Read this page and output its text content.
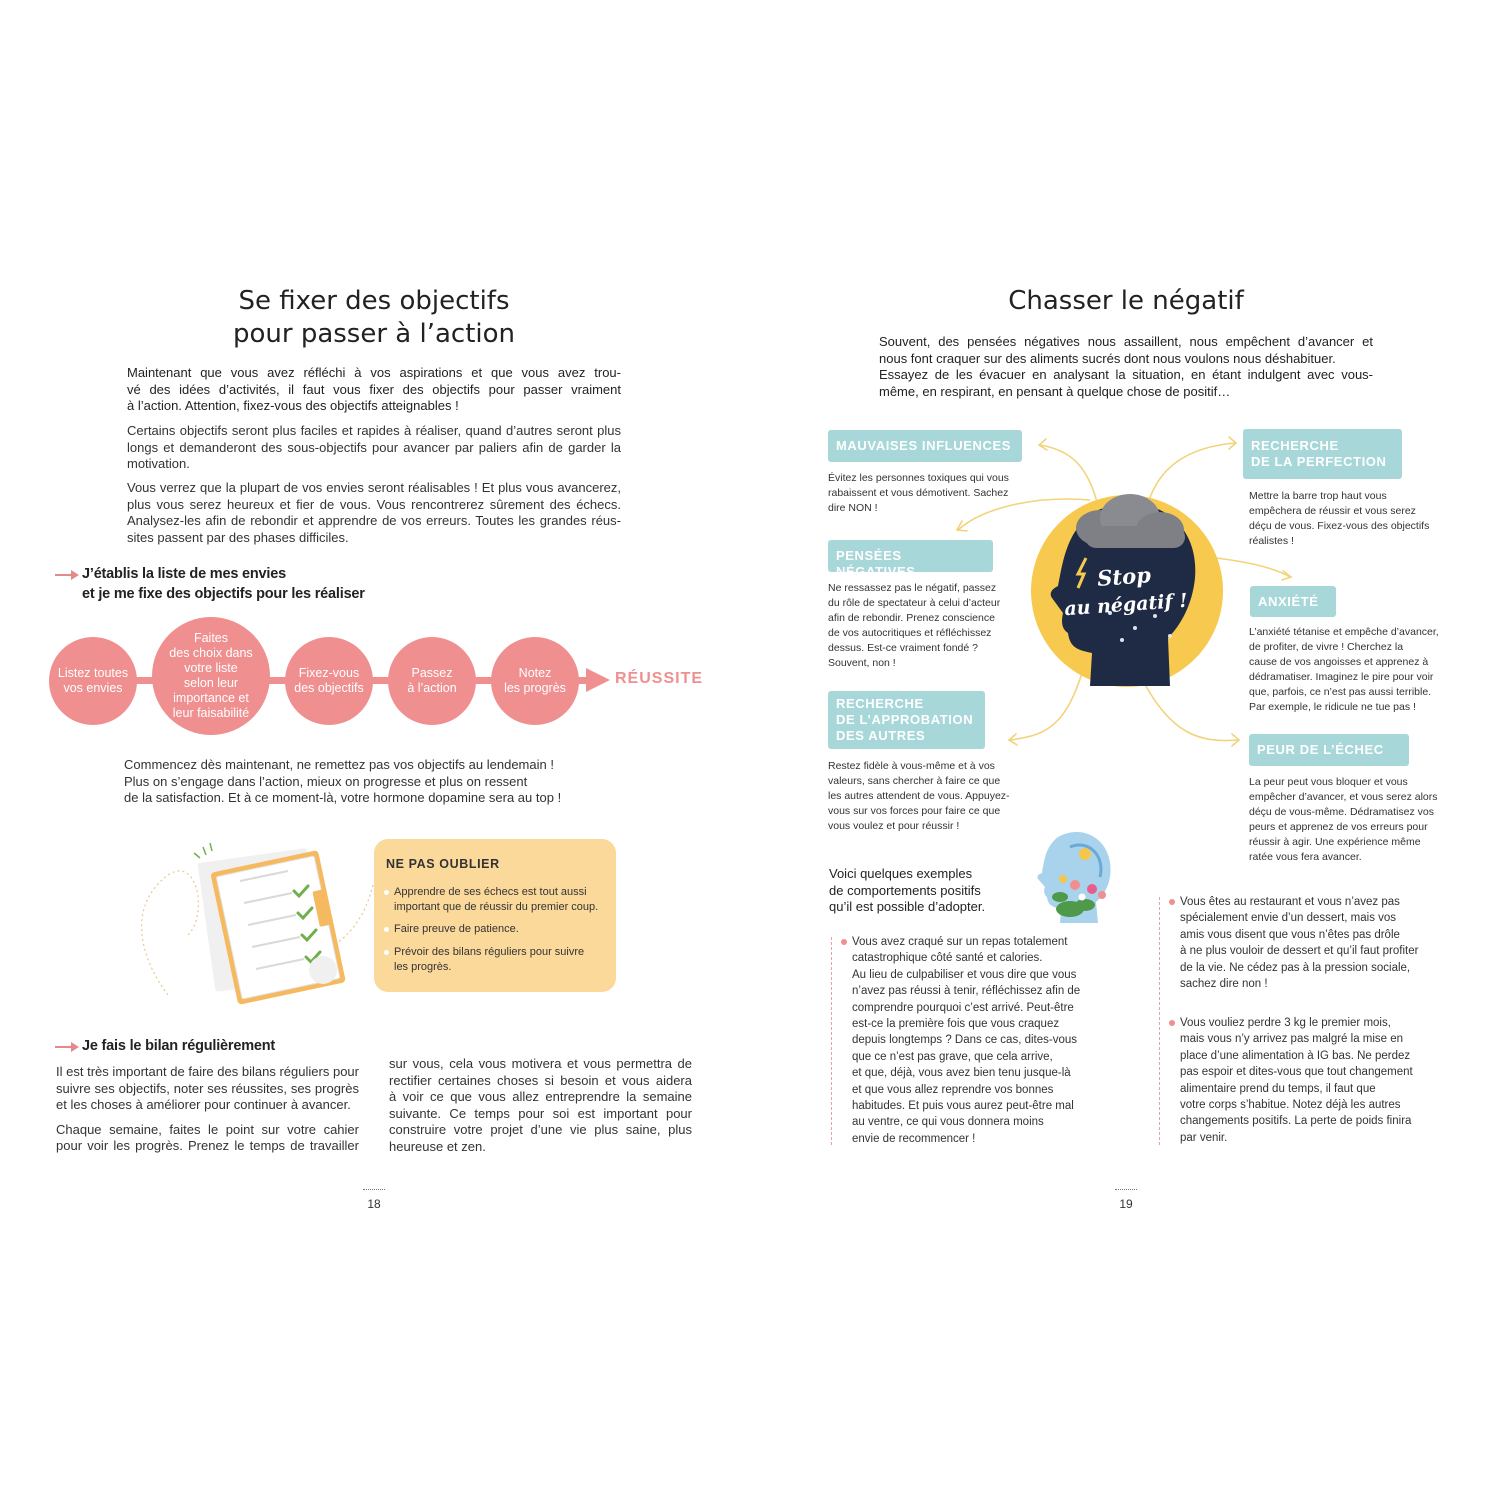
Se fixer des objectifs
pour passer à l’action
Maintenant que vous avez réfléchi à vos aspirations et que vous avez trou-
vé des idées d’activités, il faut vous fixer des objectifs pour passer vraiment
à l’action. Attention, fixez-vous des objectifs atteignables !
Certains objectifs seront plus faciles et rapides à réaliser, quand d’autres seront plus
longs et demanderont des sous-objectifs pour avancer par paliers afin de garder la
motivation.
Vous verrez que la plupart de vos envies seront réalisables ! Et plus vous avancerez,
plus vous serez heureux et fier de vous. Vous rencontrerez sûrement des échecs.
Analysez-les afin de rebondir et apprendre de vos erreurs. Toutes les grandes réus-
sites passent par des phases difficiles.
J’établis la liste de mes envies
et je me fixe des objectifs pour les réaliser
Listez toutes
vos envies
Faites
des choix dans
votre liste
selon leur
importance et
leur faisabilité
Fixez-vous
des objectifs
Passez
à l’action
Notez
les progrès
RÉUSSITE
Commencez dès maintenant, ne remettez pas vos objectifs au lendemain !
Plus on s’engage dans l’action, mieux on progresse et plus on ressent
de la satisfaction. Et à ce moment-là, votre hormone dopamine sera au top !
NE PAS OUBLIER
Apprendre de ses échecs est tout aussi
important que de réussir du premier coup.
Faire preuve de patience.
Prévoir des bilans réguliers pour suivre
les progrès.
Je fais le bilan régulièrement
Il est très important de faire des bilans réguliers pour
suivre ses objectifs, noter ses réussites, ses progrès
et les choses à améliorer pour continuer à avancer.
Chaque semaine, faites le point sur votre cahier
pour voir les progrès. Prenez le temps de travailler
sur vous, cela vous motivera et vous permettra de
rectifier certaines choses si besoin et vous aidera
à voir ce que vous allez entreprendre la semaine
suivante. Ce temps pour soi est important pour
construire votre projet d’une vie plus saine, plus
heureuse et zen.
18
Chasser le négatif
Souvent, des pensées négatives nous assaillent, nous empêchent d’avancer et
nous font craquer sur des aliments sucrés dont nous voulons nous déshabituer.
Essayez de les évacuer en analysant la situation, en étant indulgent avec vous-
même, en respirant, en pensant à quelque chose de positif…
Stop
au négatif !
MAUVAISES INFLUENCES
Évitez les personnes toxiques qui vous
rabaissent et vous démotivent. Sachez
dire NON !
PENSÉES NÉGATIVES
Ne ressassez pas le négatif, passez
du rôle de spectateur à celui d’acteur
afin de rebondir. Prenez conscience
de vos autocritiques et réfléchissez
dessus. Est-ce vraiment fondé ?
Souvent, non !
RECHERCHE
DE L’APPROBATION
DES AUTRES
Restez fidèle à vous-même et à vos
valeurs, sans chercher à faire ce que
les autres attendent de vous. Appuyez-
vous sur vos forces pour faire ce que
vous voulez et pour réussir !
RECHERCHE
DE LA PERFECTION
Mettre la barre trop haut vous
empêchera de réussir et vous serez
déçu de vous. Fixez-vous des objectifs
réalistes !
ANXIÉTÉ
L’anxiété tétanise et empêche d’avancer,
de profiter, de vivre ! Cherchez la
cause de vos angoisses et apprenez à
dédramatiser. Imaginez le pire pour voir
que, parfois, ce n’est pas aussi terrible.
Par exemple, le ridicule ne tue pas !
PEUR DE L’ÉCHEC
La peur peut vous bloquer et vous
empêcher d’avancer, et vous serez alors
déçu de vous-même. Dédramatisez vos
peurs et apprenez de vos erreurs pour
réussir à agir. Une expérience même
ratée vous fera avancer.
Voici quelques exemples
de comportements positifs
qu’il est possible d’adopter.
Vous avez craqué sur un repas totalement
catastrophique côté santé et calories.
Au lieu de culpabiliser et vous dire que vous
n’avez pas réussi à tenir, réfléchissez afin de
comprendre pourquoi c’est arrivé. Peut-être
est-ce la première fois que vous craquez
depuis longtemps ? Dans ce cas, dites-vous
que ce n’est pas grave, que cela arrive,
et que, déjà, vous avez bien tenu jusque-là
et que vous allez reprendre vos bonnes
habitudes. Et puis vous aurez peut-être mal
au ventre, ce qui vous donnera moins
envie de recommencer !
Vous êtes au restaurant et vous n’avez pas
spécialement envie d’un dessert, mais vos
amis vous disent que vous n’êtes pas drôle
à ne plus vouloir de dessert et qu’il faut profiter
de la vie. Ne cédez pas à la pression sociale,
sachez dire non !
Vous vouliez perdre 3 kg le premier mois,
mais vous n’y arrivez pas malgré la mise en
place d’une alimentation à IG bas. Ne perdez
pas espoir et dites-vous que tout changement
alimentaire prend du temps, il faut que
votre corps s’habitue. Notez déjà les autres
changements positifs. La perte de poids finira
par venir.
19
